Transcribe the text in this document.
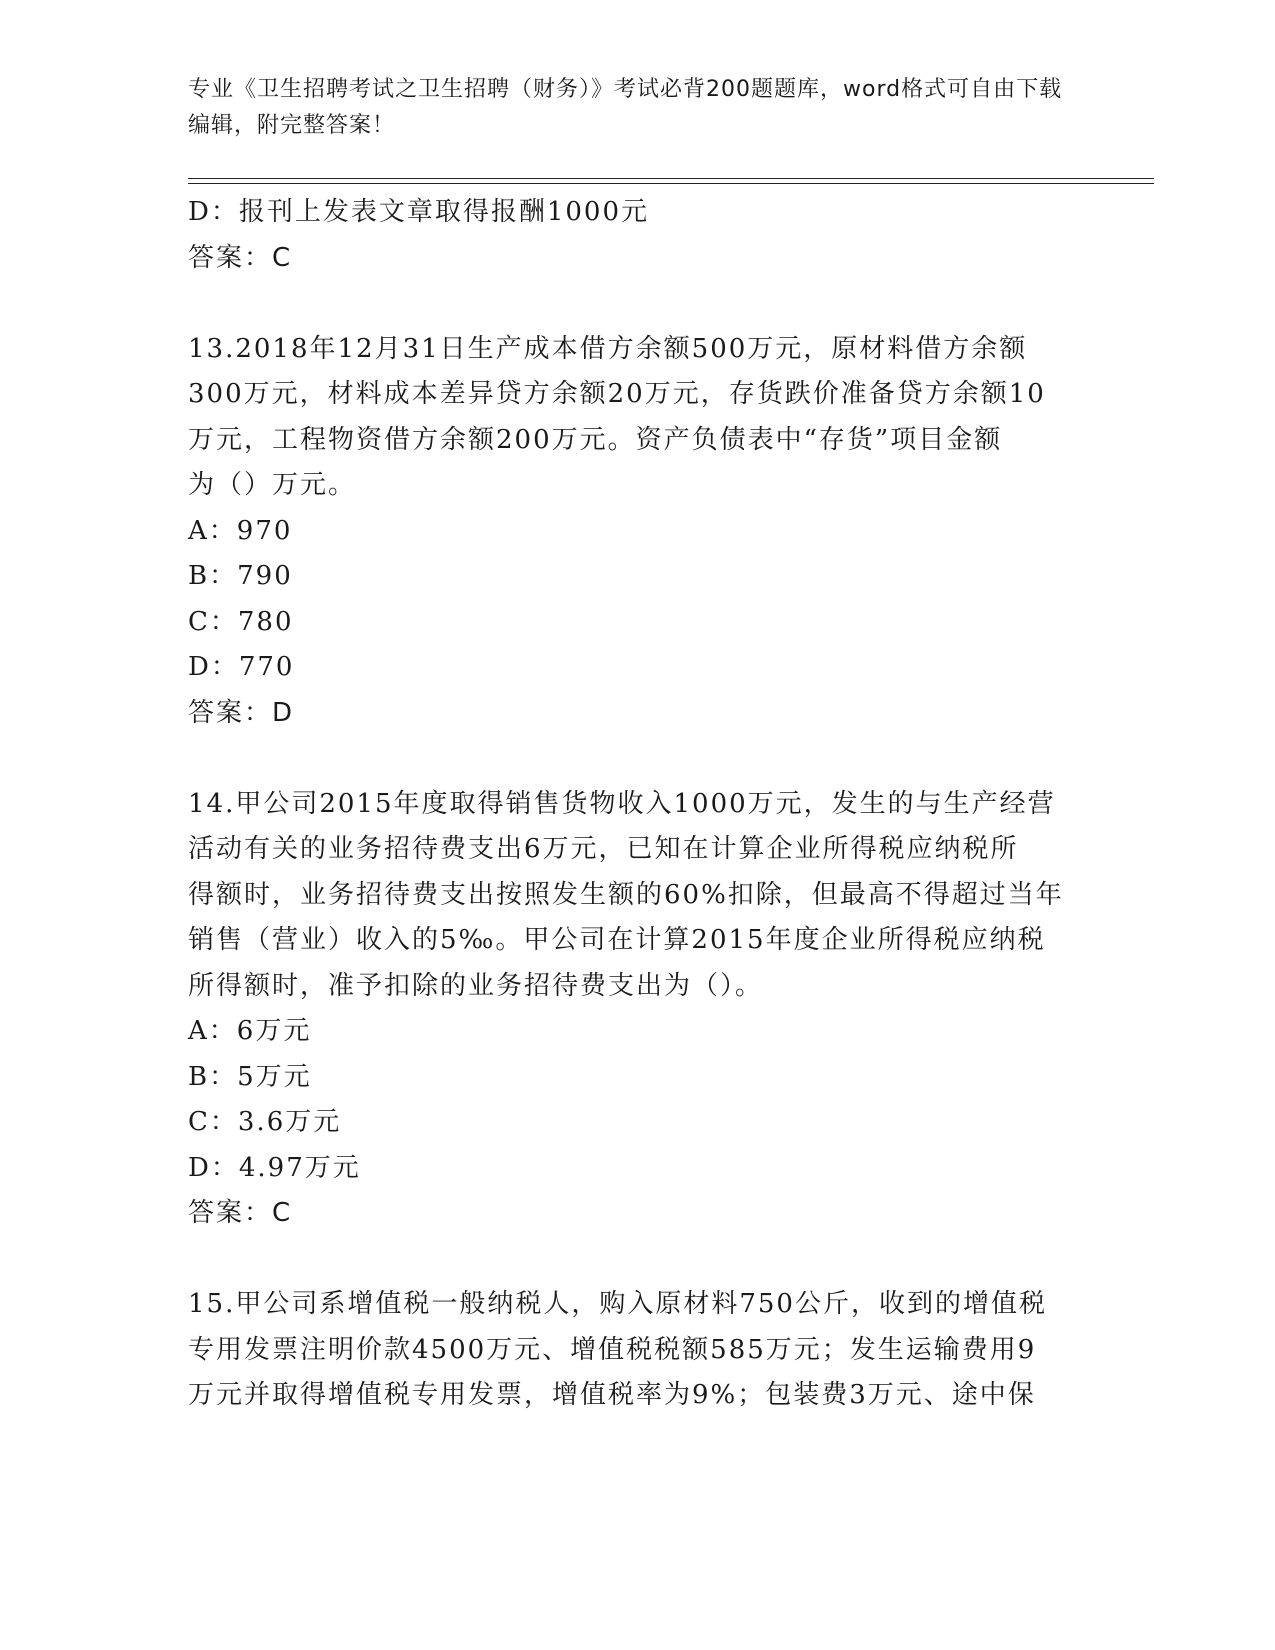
专业《卫生招聘考试之卫生招聘（财务）》考试必背200题题库，word格式可自由下载编辑，附完整答案！
D：报刊上发表文章取得报酬1000元
答案：C
13.2018年12月31日生产成本借方余额500万元，原材料借方余额
300万元，材料成本差异贷方余额20万元，存货跌价准备贷方余额10
万元，工程物资借方余额200万元。资产负债表中“存货”项目金额
为（）万元。
A：970
B：790
C：780
D：770
答案：D
14.甲公司2015年度取得销售货物收入1000万元，发生的与生产经营
活动有关的业务招待费支出6万元，已知在计算企业所得税应纳税所
得额时，业务招待费支出按照发生额的60%扣除，但最高不得超过当年
销售（营业）收入的5‰。甲公司在计算2015年度企业所得税应纳税
所得额时，准予扣除的业务招待费支出为（）。
A：6万元
B：5万元
C：3.6万元
D：4.97万元
答案：C
15.甲公司系增值税一般纳税人，购入原材料750公斤，收到的增值税
专用发票注明价款4500万元、增值税税额585万元；发生运输费用9
万元并取得增值税专用发票，增值税率为9%；包装费3万元、途中保
